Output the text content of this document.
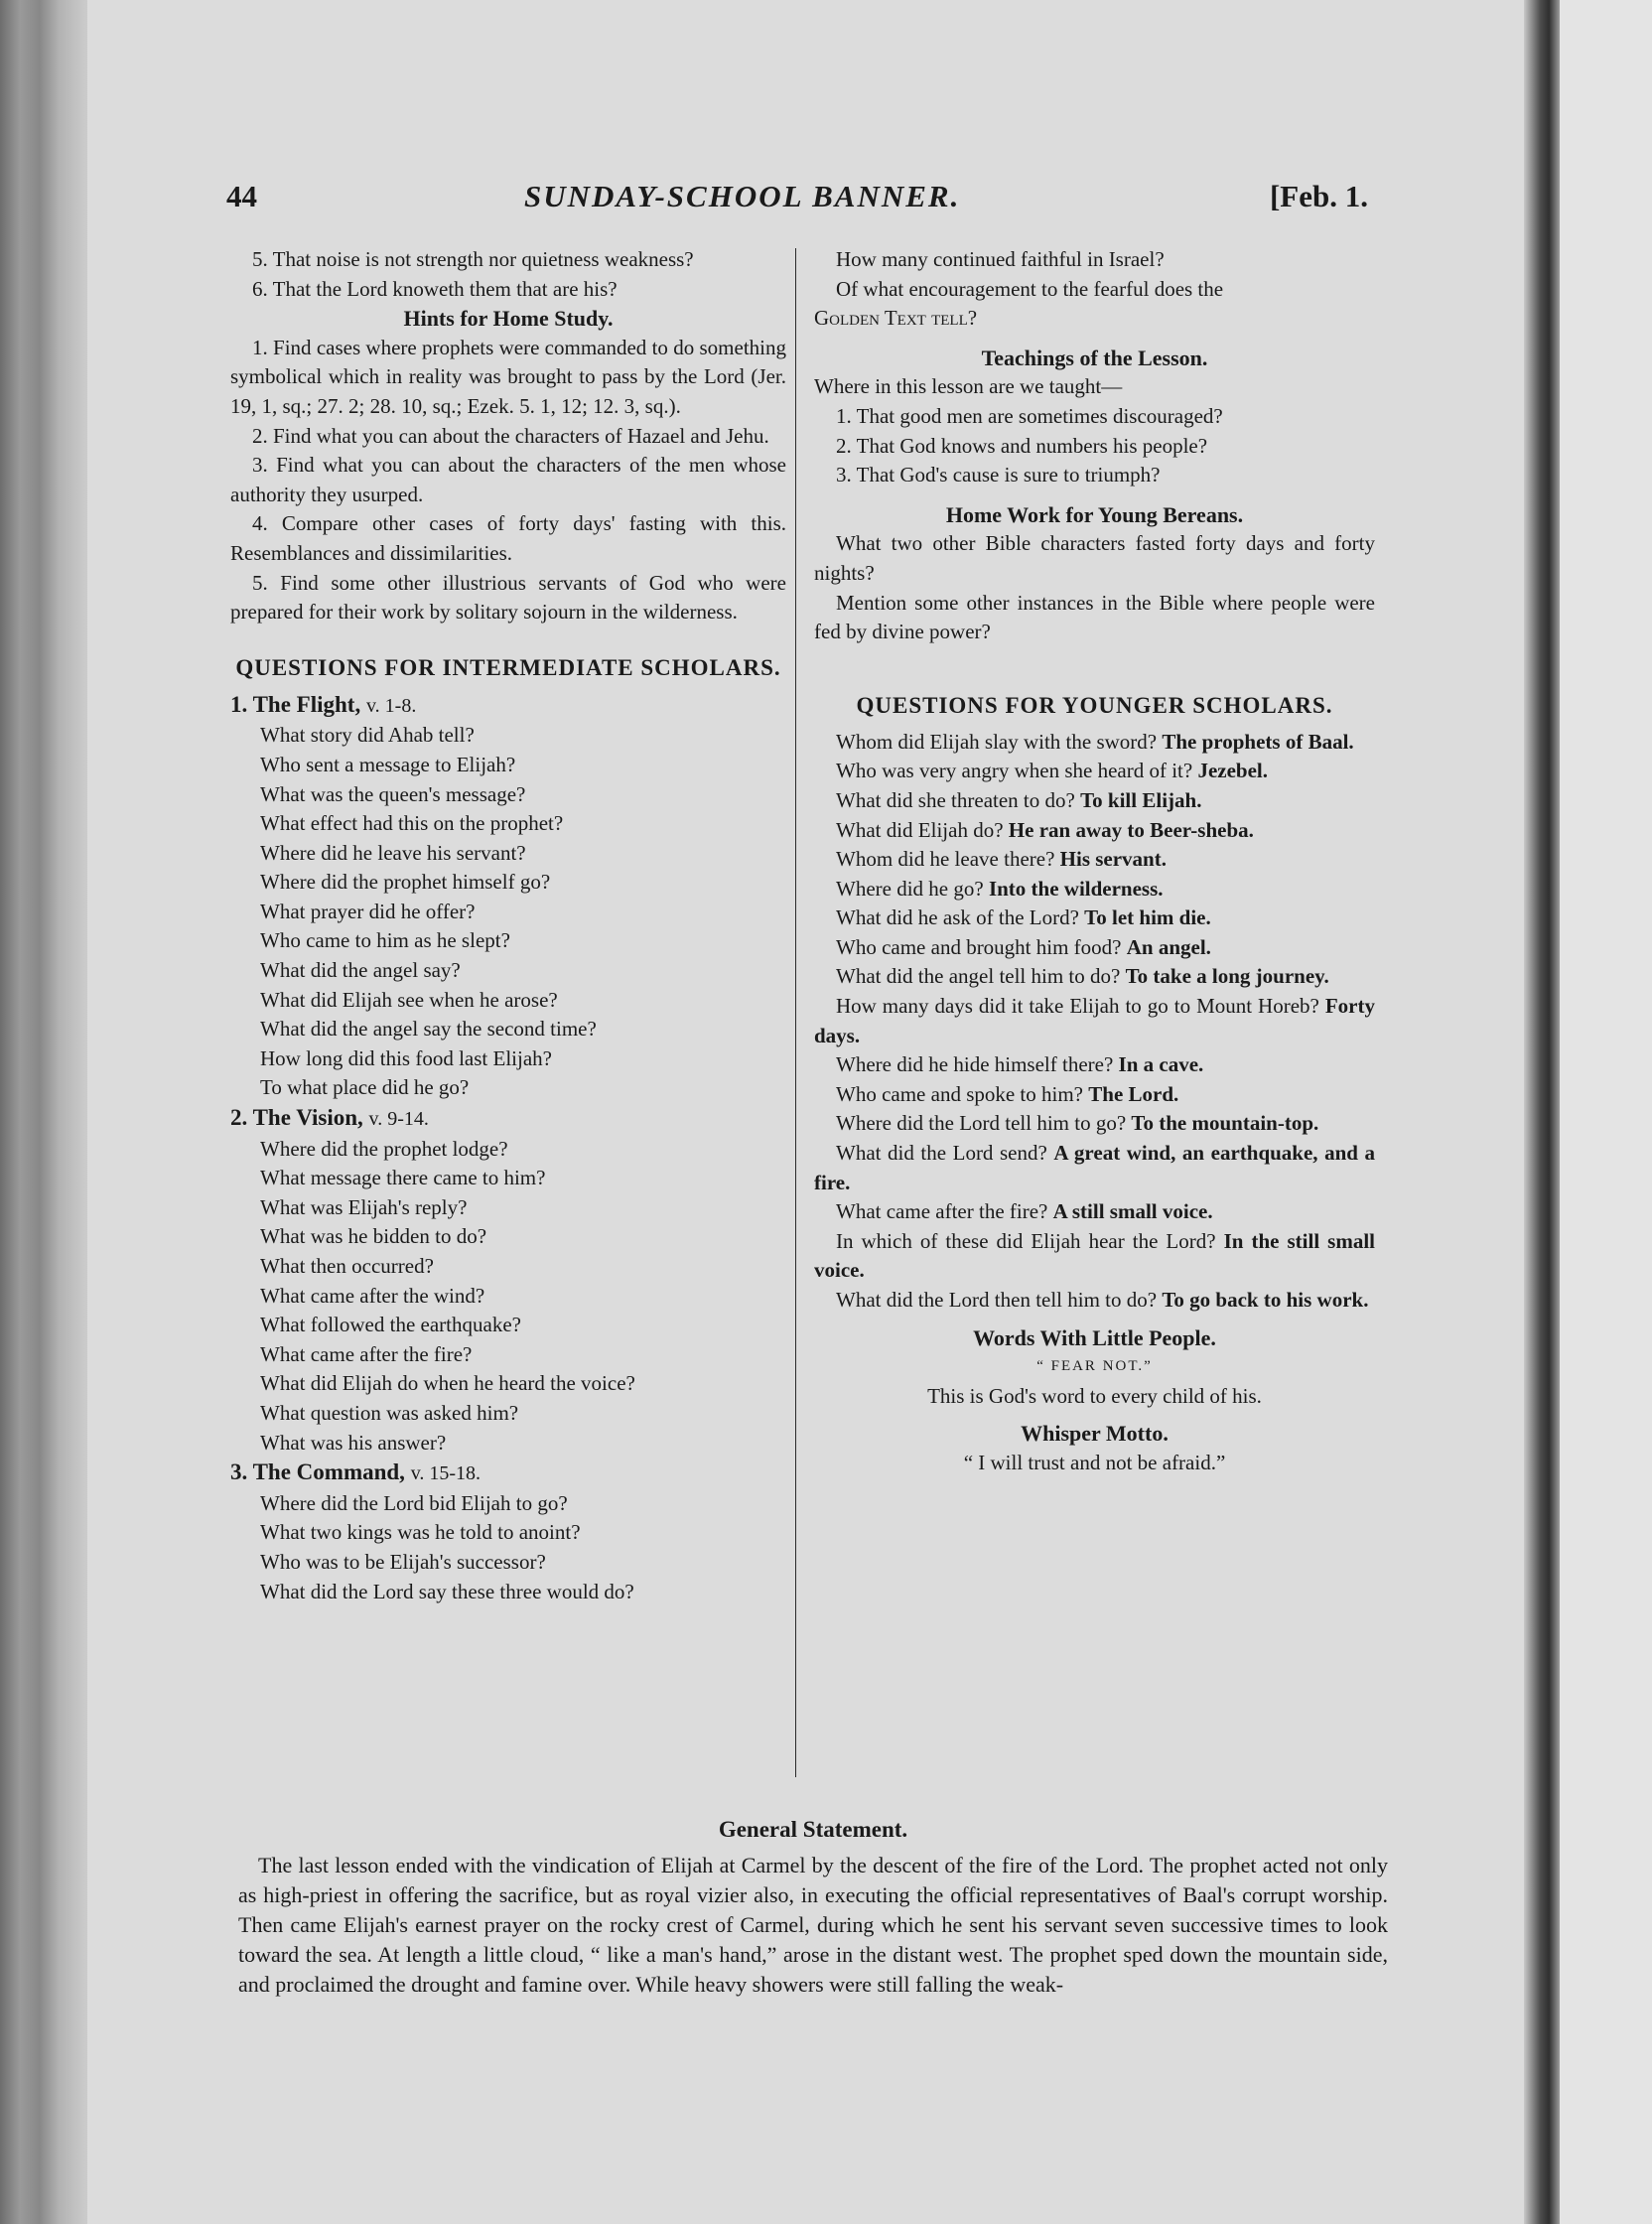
44	SUNDAY-SCHOOL BANNER.	[Feb. 1.

5. That noise is not strength nor quietness weakness?

6. That the Lord knoweth them that are his?

Hints for Home Study.

1. Find cases where prophets were commanded to do something symbolical which in reality was brought to pass by the Lord (Jer. 19, 1, sq.; 27. 2; 28. 10, sq.; Ezek. 5. 1, 12; 12. 3, sq.).

2. Find what you can about the characters of Hazael and Jehu.

3. Find what you can about the characters of the men whose authority they usurped.

4. Compare other cases of forty days' fasting with this. Resemblances and dissimilarities.

5. Find some other illustrious servants of God who were prepared for their work by solitary sojourn in the wilderness.

QUESTIONS FOR INTERMEDIATE SCHOLARS.

1. The Flight, v. 1-8.

What story did Ahab tell?

Who sent a message to Elijah?

What was the queen's message?

What effect had this on the prophet?

Where did he leave his servant?

Where did the prophet himself go?

What prayer did he offer?

Who came to him as he slept?

What did the angel say?

What did Elijah see when he arose?

What did the angel say the second time?

How long did this food last Elijah?

To what place did he go?

2. The Vision, v. 9-14.

Where did the prophet lodge?

What message there came to him?

What was Elijah's reply?

What was he bidden to do?

What then occurred?

What came after the wind?

What followed the earthquake?

What came after the fire?

What did Elijah do when he heard the voice?

What question was asked him?

What was his answer?

3. The Command, v. 15-18.

Where did the Lord bid Elijah to go?

What two kings was he told to anoint?

Who was to be Elijah's successor?

What did the Lord say these three would do?

How many continued faithful in Israel?

Of what encouragement to the fearful does the

Golden Text tell?

Teachings of the Lesson.

Where in this lesson are we taught—

1. That good men are sometimes discouraged?

2. That God knows and numbers his people?

3. That God's cause is sure to triumph?

Home Work for Young Bereans.

What two other Bible characters fasted forty days and forty nights?

Mention some other instances in the Bible where people were fed by divine power?

QUESTIONS FOR YOUNGER SCHOLARS.

Whom did Elijah slay with the sword? The prophets of Baal.

Who was very angry when she heard of it? Jezebel.

What did she threaten to do? To kill Elijah.

What did Elijah do? He ran away to Beer-sheba.

Whom did he leave there? His servant.

Where did he go? Into the wilderness.

What did he ask of the Lord? To let him die.

Who came and brought him food? An angel.

What did the angel tell him to do? To take a long journey.

How many days did it take Elijah to go to Mount Horeb? Forty days.

Where did he hide himself there? In a cave.

Who came and spoke to him? The Lord.

Where did the Lord tell him to go? To the mountain-top.

What did the Lord send? A great wind, an earthquake, and a fire.

What came after the fire? A still small voice.

In which of these did Elijah hear the Lord? In the still small voice.

What did the Lord then tell him to do? To go back to his work.

Words With Little People.

“ FEAR NOT.”

This is God's word to every child of his.

Whisper Motto.

“ I will trust and not be afraid.”

General Statement.

The last lesson ended with the vindication of Elijah at Carmel by the descent of the fire of the Lord. The prophet acted not only as high-priest in offering the sacrifice, but as royal vizier also, in executing the official representatives of Baal's corrupt worship. Then came Elijah's earnest prayer on the rocky crest of Carmel, during which he sent his servant seven successive times to look toward the sea. At length a little cloud, “ like a man's hand,” arose in the distant west. The prophet sped down the mountain side, and proclaimed the drought and famine over. While heavy showers were still falling the weak-
